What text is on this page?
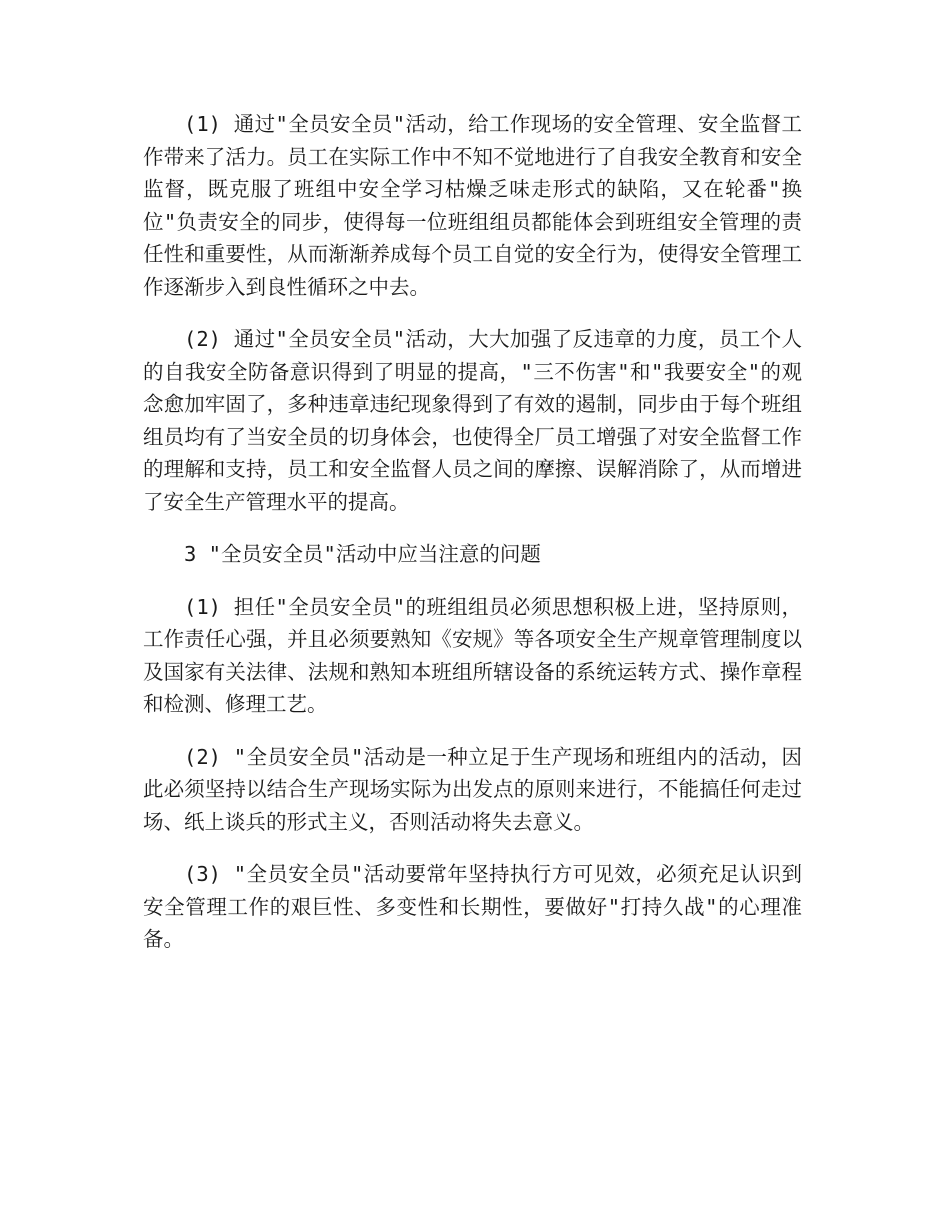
(1) 通过"全员安全员"活动，给工作现场的安全管理、安全监督工作带来了活力。员工在实际工作中不知不觉地进行了自我安全教育和安全监督，既克服了班组中安全学习枯燥乏味走形式的缺陷，又在轮番"换位"负责安全的同步，使得每一位班组组员都能体会到班组安全管理的责任性和重要性，从而渐渐养成每个员工自觉的安全行为，使得安全管理工作逐渐步入到良性循环之中去。

(2) 通过"全员安全员"活动，大大加强了反违章的力度，员工个人的自我安全防备意识得到了明显的提高，"三不伤害"和"我要安全"的观念愈加牢固了，多种违章违纪现象得到了有效的遏制，同步由于每个班组组员均有了当安全员的切身体会，也使得全厂员工增强了对安全监督工作的理解和支持，员工和安全监督人员之间的摩擦、误解消除了，从而增进了安全生产管理水平的提高。

3 "全员安全员"活动中应当注意的问题

(1) 担任"全员安全员"的班组组员必须思想积极上进，坚持原则，工作责任心强，并且必须要熟知《安规》等各项安全生产规章管理制度以及国家有关法律、法规和熟知本班组所辖设备的系统运转方式、操作章程和检测、修理工艺。

(2) "全员安全员"活动是一种立足于生产现场和班组内的活动，因此必须坚持以结合生产现场实际为出发点的原则来进行，不能搞任何走过场、纸上谈兵的形式主义，否则活动将失去意义。

(3) "全员安全员"活动要常年坚持执行方可见效，必须充足认识到安全管理工作的艰巨性、多变性和长期性，要做好"打持久战"的心理准备。
